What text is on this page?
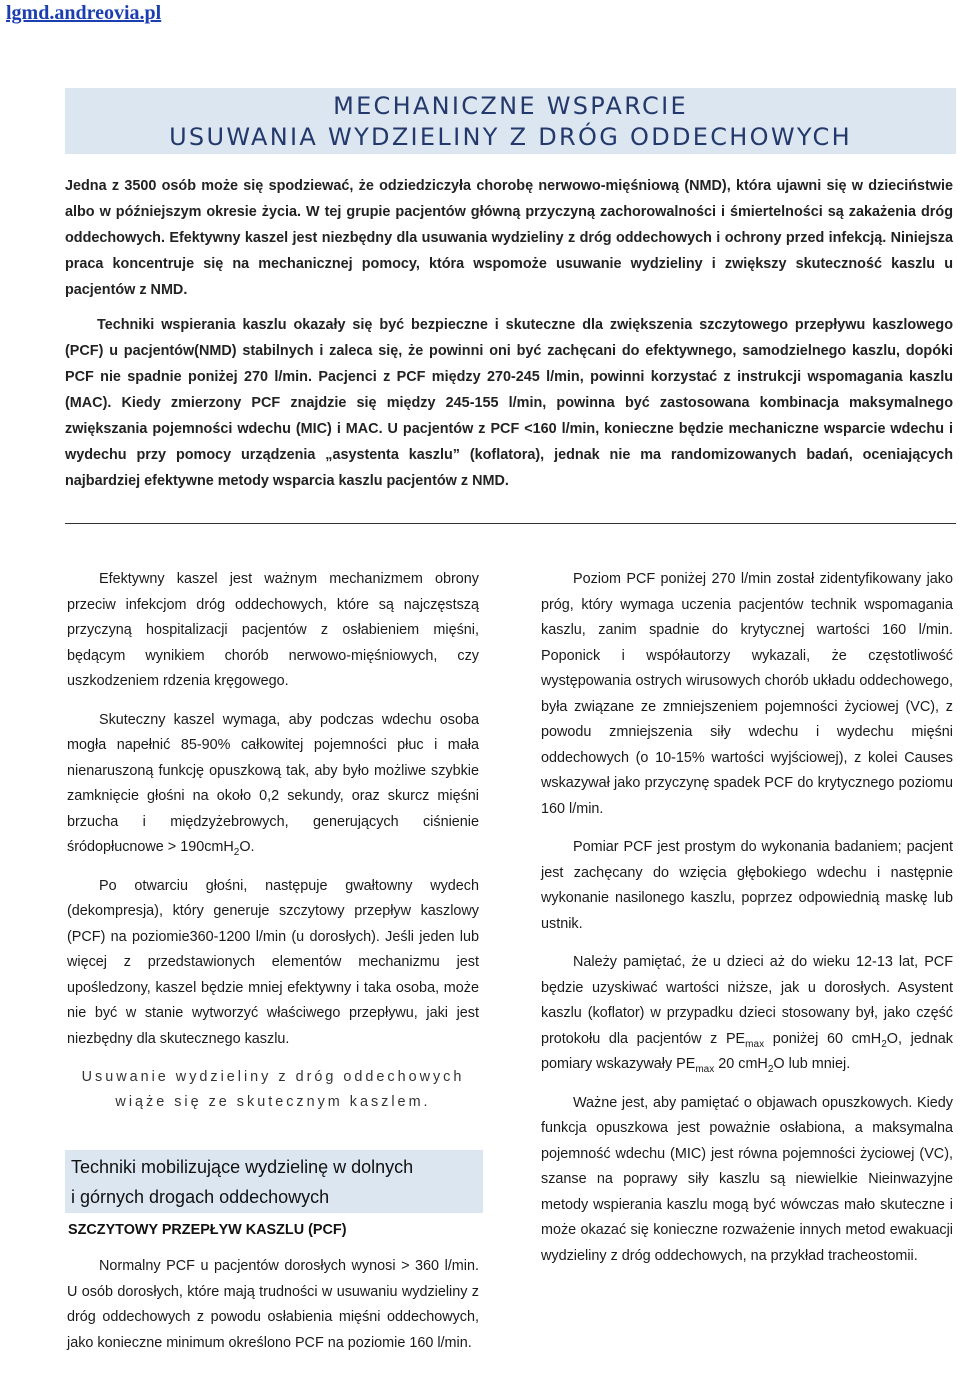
lgmd.andreovia.pl
MECHANICZNE WSPARCIE
USUWANIA WYDZIELINY Z DRÓG ODDECHOWYCH

Jedna z 3500 osób może się spodziewać, że odziedziczyła chorobę nerwowo-mięśniową (NMD), która ujawni się w dzieciństwie albo w późniejszym okresie życia. W tej grupie pacjentów główną przyczyną zachorowalności i śmiertelności są zakażenia dróg oddechowych. Efektywny kaszel jest niezbędny dla usuwania wydzieliny z dróg oddechowych i ochrony przed infekcją. Niniejsza praca koncentruje się na mechanicznej pomocy, która wspomoże usuwanie wydzieliny i zwiększy skuteczność kaszlu u pacjentów z NMD.

Techniki wspierania kaszlu okazały się być bezpieczne i skuteczne dla zwiększenia szczytowego przepływu kaszlowego (PCF) u pacjentów(NMD) stabilnych i zaleca się, że powinni oni być zachęcani do efektywnego, samodzielnego kaszlu, dopóki PCF nie spadnie poniżej 270 l/min. Pacjenci z PCF między 270-245 l/min, powinni korzystać z instrukcji wspomagania kaszlu (MAC). Kiedy zmierzony PCF znajdzie się między 245-155 l/min, powinna być zastosowana kombinacja maksymalnego zwiększania pojemności wdechu (MIC) i MAC. U pacjentów z PCF <160 l/min, konieczne będzie mechaniczne wsparcie wdechu i wydechu przy pomocy urządzenia „asystenta kaszlu” (koflatora), jednak nie ma randomizowanych badań, oceniających najbardziej efektywne metody wsparcia kaszlu pacjentów z NMD.

Efektywny kaszel jest ważnym mechanizmem obrony przeciw infekcjom dróg oddechowych, które są najczęstszą przyczyną hospitalizacji pacjentów z osłabieniem mięśni, będącym wynikiem chorób nerwowo-mięśniowych, czy uszkodzeniem rdzenia kręgowego.

Skuteczny kaszel wymaga, aby podczas wdechu osoba mogła napełnić 85-90% całkowitej pojemności płuc i mała nienaruszoną funkcję opuszkową tak, aby było możliwe szybkie zamknięcie głośni na około 0,2 sekundy, oraz skurcz mięśni brzucha i międzyżebrowych, generujących ciśnienie śródopłucnowe > 190cmH$_2$O.

Po otwarciu głośni, następuje gwałtowny wydech (dekompresja), który generuje szczytowy przepływ kaszlowy (PCF) na poziomie360-1200 l/min (u dorosłych). Jeśli jeden lub więcej z przedstawionych elementów mechanizmu jest upośledzony, kaszel będzie mniej efektywny i taka osoba, może nie być w stanie wytworzyć właściwego przepływu, jaki jest niezbędny dla skutecznego kaszlu.

Usuwanie wydzieliny z dróg oddechowych
wiąże się ze skutecznym kaszlem.
Techniki mobilizujące wydzielinę w dolnych
i górnych drogach oddechowych
SZCZYTOWY PRZEPŁYW KASZLU (PCF)

Normalny PCF u pacjentów dorosłych wynosi > 360 l/min. U osób dorosłych, które mają trudności w usuwaniu wydzieliny z dróg oddechowych z powodu osłabienia mięśni oddechowych, jako konieczne minimum określono PCF na poziomie 160 l/min.

Poziom PCF poniżej 270 l/min został zidentyfikowany jako próg, który wymaga uczenia pacjentów technik wspomagania kaszlu, zanim spadnie do krytycznej wartości 160 l/min. Poponick i współautorzy wykazali, że częstotliwość występowania ostrych wirusowych chorób układu oddechowego, była związane ze zmniejszeniem pojemności życiowej (VC), z powodu zmniejszenia siły wdechu i wydechu mięśni oddechowych (o 10-15% wartości wyjściowej), z kolei Causes wskazywał jako przyczynę spadek PCF do krytycznego poziomu 160 l/min.

Pomiar PCF jest prostym do wykonania badaniem; pacjent jest zachęcany do wzięcia głębokiego wdechu i następnie wykonanie nasilonego kaszlu, poprzez odpowiednią maskę lub ustnik.

Należy pamiętać, że u dzieci aż do wieku 12-13 lat, PCF będzie uzyskiwać wartości niższe, jak u dorosłych. Asystent kaszlu (koflator) w przypadku dzieci stosowany był, jako część protokołu dla pacjentów z $PE_{max}$ poniżej 60 cmH$_2$O, jednak pomiary wskazywały $PE_{max}$ 20 cmH$_2$O lub mniej.

Ważne jest, aby pamiętać o objawach opuszkowych. Kiedy funkcja opuszkowa jest poważnie osłabiona, a maksymalna pojemność wdechu (MIC) jest równa pojemności życiowej (VC), szanse na poprawy siły kaszlu są niewielkie Nieinwazyjne metody wspierania kaszlu mogą być wówczas mało skuteczne i może okazać się konieczne rozważenie innych metod ewakuacji wydzieliny z dróg oddechowych, na przykład tracheostomii.
